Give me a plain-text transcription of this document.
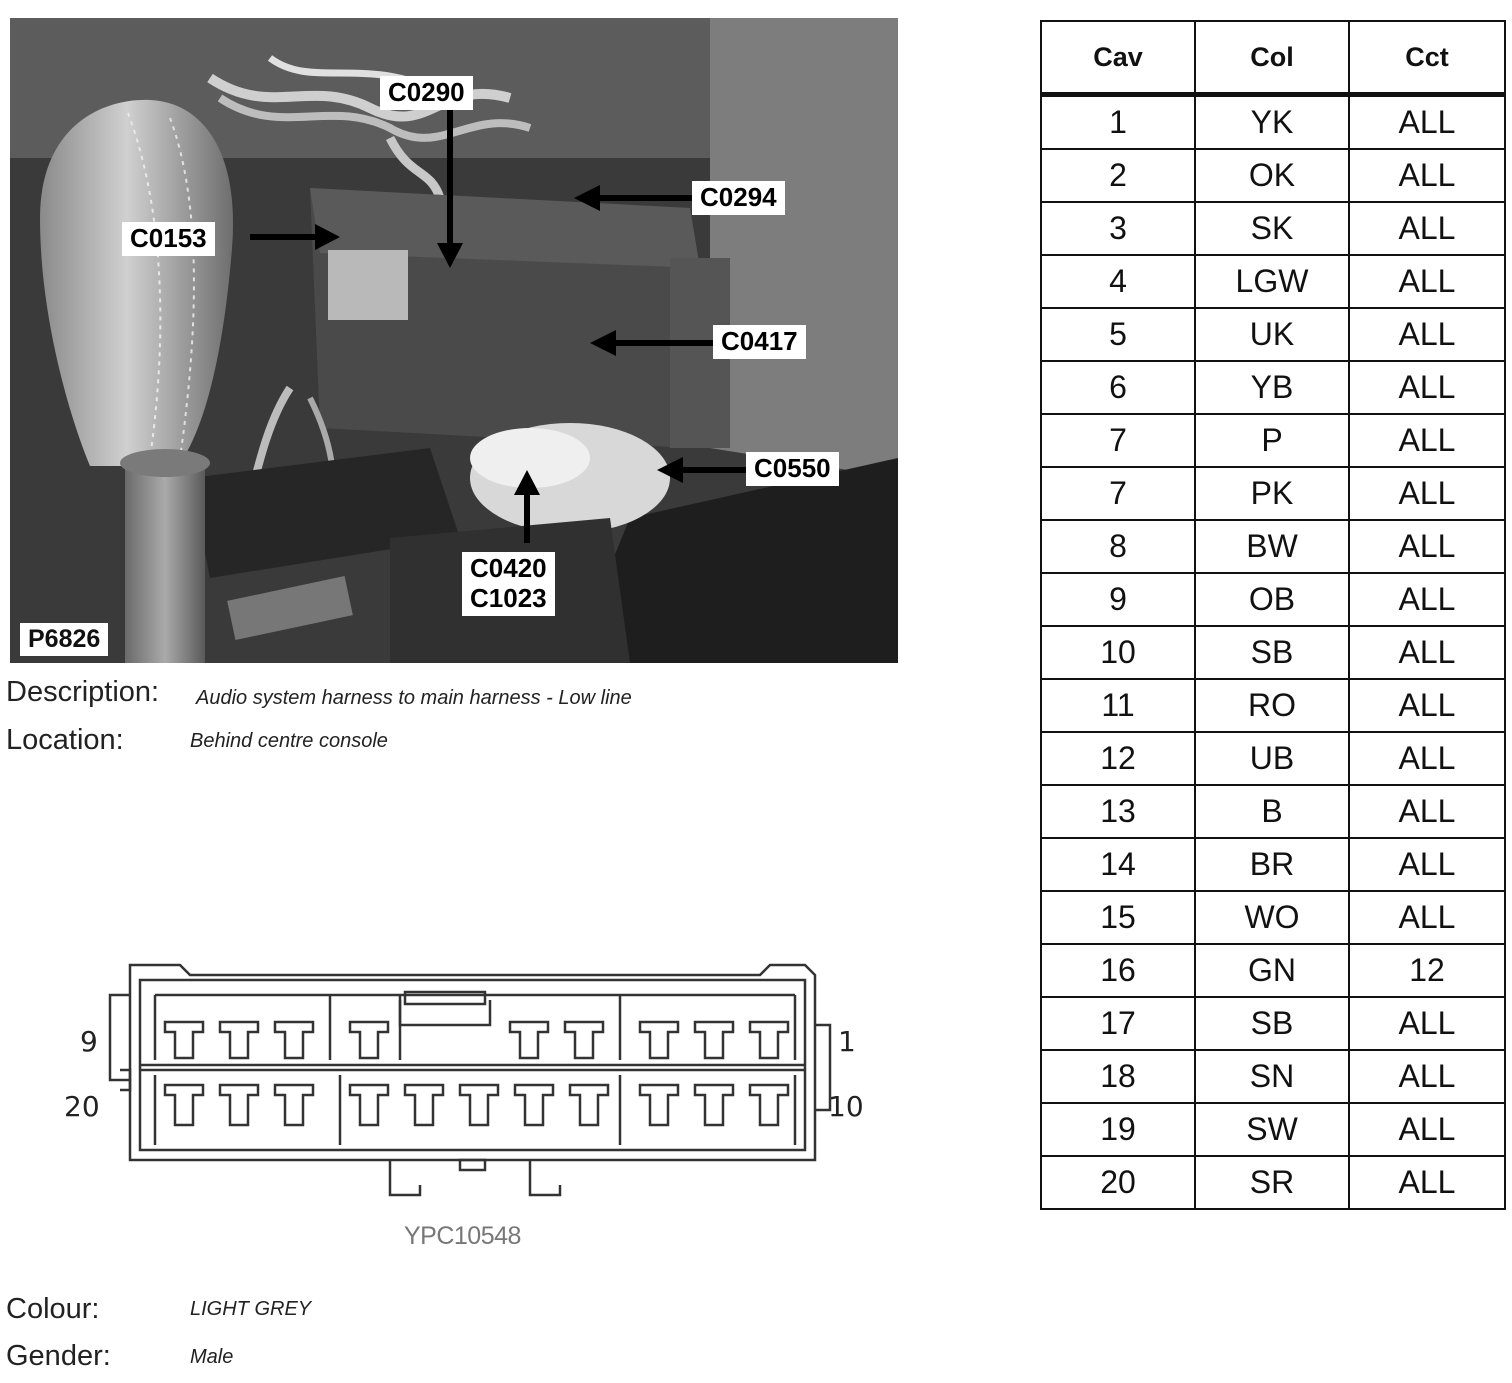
C0290
C0294
C0153
C0417
C0550
C0420
C1023
P6826
Description: Audio system harness to main harness - Low line
Location:	Behind centre console
9	1
20	10
YPC10548
Colour:	LIGHT GREY
Gender:	Male
Cav	Col	Cct
1	YK	ALL
2	OK	ALL
3	SK	ALL
4	LGW	ALL
5	UK	ALL
6	YB	ALL
7	P	ALL
7	PK	ALL
8	BW	ALL
9	OB	ALL
10	SB	ALL
11	RO	ALL
12	UB	ALL
13	B	ALL
14	BR	ALL
15	WO	ALL
16	GN	12
17	SB	ALL
18	SN	ALL
19	SW	ALL
20	SR	ALL
